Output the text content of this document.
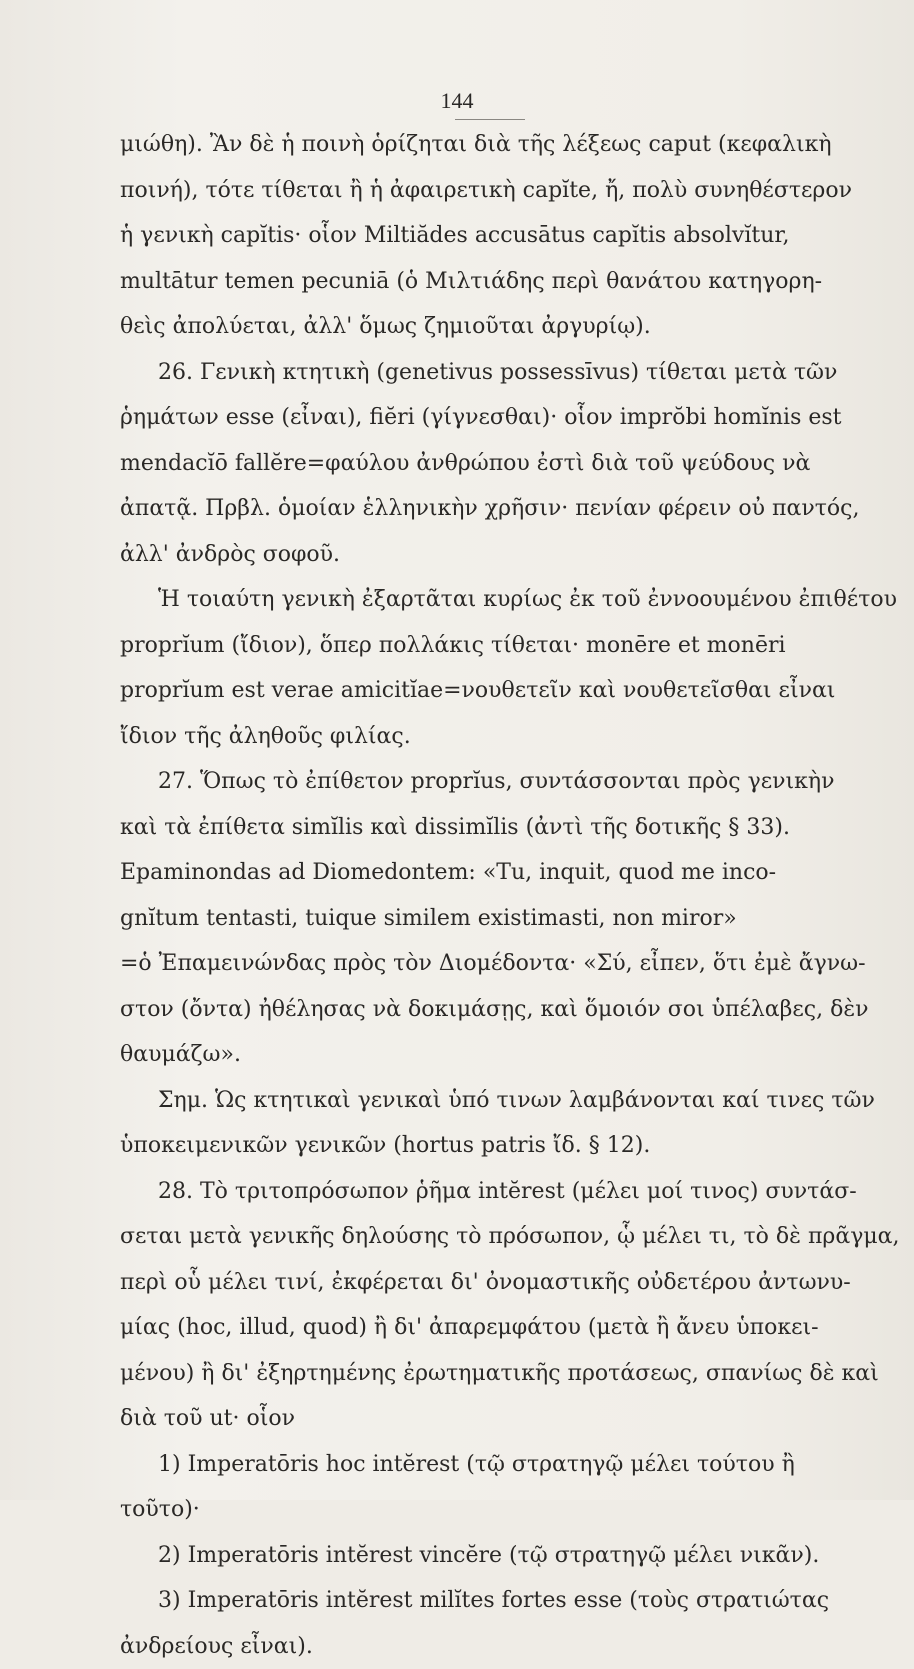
144
μιώθη). Ἂν δὲ ἡ ποινὴ ὁρίζηται διὰ τῆς λέξεως caput (κεφαλικὴ
ποινή), τότε τίθεται ἢ ἡ ἀφαιρετικὴ capĭte, ἤ, πολὺ συνηθέστερον
ἡ γενικὴ capĭtis· οἷον Miltiădes accusātus capĭtis absolvĭtur,
multātur temen pecuniā (ὁ Μιλτιάδης περὶ θανάτου κατηγορη-
θεὶς ἀπολύεται, ἀλλ' ὅμως ζημιοῦται ἀργυρίῳ).
26. Γενικὴ κτητικὴ (genetivus possessīvus) τίθεται μετὰ τῶν
ῥημάτων esse (εἶναι), fiĕri (γίγνεσθαι)· οἷον imprŏbi homĭnis est
mendacĭō fallĕre=φαύλου ἀνθρώπου ἐστὶ διὰ τοῦ ψεύδους νὰ
ἀπατᾷ. Πρβλ. ὁμοίαν ἑλληνικὴν χρῆσιν· πενίαν φέρειν οὐ παντός,
ἀλλ' ἀνδρὸς σοφοῦ.
Ἡ τοιαύτη γενικὴ ἐξαρτᾶται κυρίως ἐκ τοῦ ἐννοουμένου ἐπιθέτου
proprĭum (ἴδιον), ὅπερ πολλάκις τίθεται· monēre et monēri
proprĭum est verae amicitĭae=νουθετεῖν καὶ νουθετεῖσθαι εἶναι
ἴδιον τῆς ἀληθοῦς φιλίας.
27. Ὅπως τὸ ἐπίθετον proprĭus, συντάσσονται πρὸς γενικὴν
καὶ τὰ ἐπίθετα simĭlis καὶ dissimĭlis (ἀντὶ τῆς δοτικῆς § 33).
Epaminondas ad Diomedontem: «Tu, inquit, quod me inco-
gnĭtum tentasti, tuique similem existimasti, non miror»
=ὁ Ἐπαμεινώνδας πρὸς τὸν Διομέδοντα· «Σύ, εἶπεν, ὅτι ἐμὲ ἄγνω-
στον (ὄντα) ἠθέλησας νὰ δοκιμάσῃς, καὶ ὅμοιόν σοι ὑπέλαβες, δὲν
θαυμάζω».
Σημ. Ὡς κτητικαὶ γενικαὶ ὑπό τινων λαμβάνονται καί τινες τῶν
ὑποκειμενικῶν γενικῶν (hortus patris ἴδ. § 12).
28. Τὸ τριτοπρόσωπον ῥῆμα intĕrest (μέλει μοί τινος) συντάσ-
σεται μετὰ γενικῆς δηλούσης τὸ πρόσωπον, ᾧ μέλει τι, τὸ δὲ πρᾶγμα,
περὶ οὗ μέλει τινί, ἐκφέρεται δι' ὀνομαστικῆς οὐδετέρου ἀντωνυ-
μίας (hoc, illud, quod) ἢ δι' ἀπαρεμφάτου (μετὰ ἢ ἄνευ ὑποκει-
μένου) ἢ δι' ἐξηρτημένης ἐρωτηματικῆς προτάσεως, σπανίως δὲ καὶ
διὰ τοῦ ut· οἷον
1) Imperatōris hoc intĕrest (τῷ στρατηγῷ μέλει τούτου ἢ
τοῦτο)·
2) Imperatōris intĕrest vincĕre (τῷ στρατηγῷ μέλει νικᾶν).
3) Imperatōris intĕrest milĭtes fortes esse (τοὺς στρατιώτας
ἀνδρείους εἶναι).
